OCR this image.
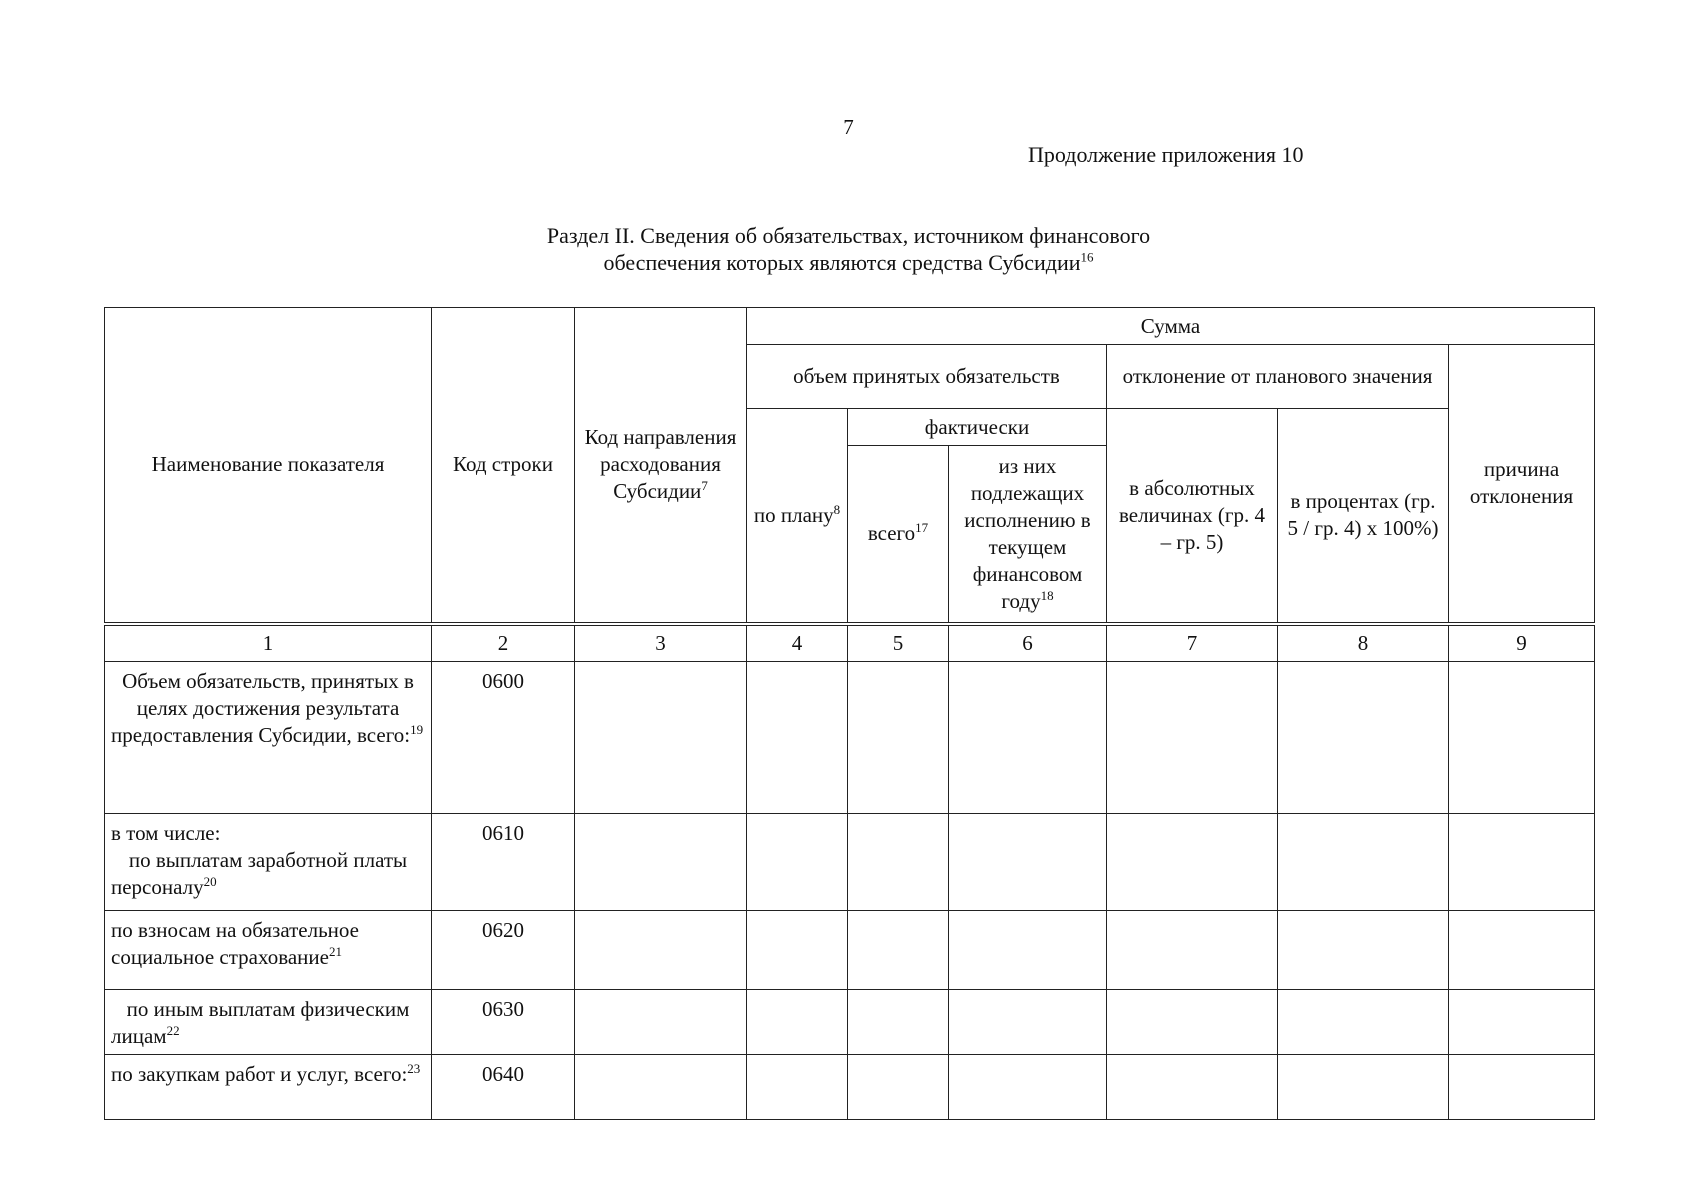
7
Продолжение приложения 10
Раздел II. Сведения об обязательствах, источником финансового
обеспечения которых являются средства Субсидии$^{16}$
Наименование показателя	Код строки	Код направления расходования Субсидии$^7$	Сумма					
			объем принятых обязательств			отклонение от планового значения		причина отклонения
			по плану$^8$	фактически		в абсолютных величинах (гр. 4 – гр. 5)	в процентах (гр. 5 / гр. 4) х 100%)	
				всего$^{17}$	из них подлежащих исполнению в текущем финансовом году$^{18}$
1	2	3	4	5	6	7	8	9
Объем обязательств, принятых в целях достижения результата предоставления Субсидии, всего:$^{19}$	0600							

в том числе:
по выплатам заработной платы персоналу$^{20}$	0610							
по взносам на обязательное социальное страхование$^{21}$	0620							
по иным выплатам физическим лицам$^{22}$	0630							
по закупкам работ и услуг, всего:$^{23}$	0640							
